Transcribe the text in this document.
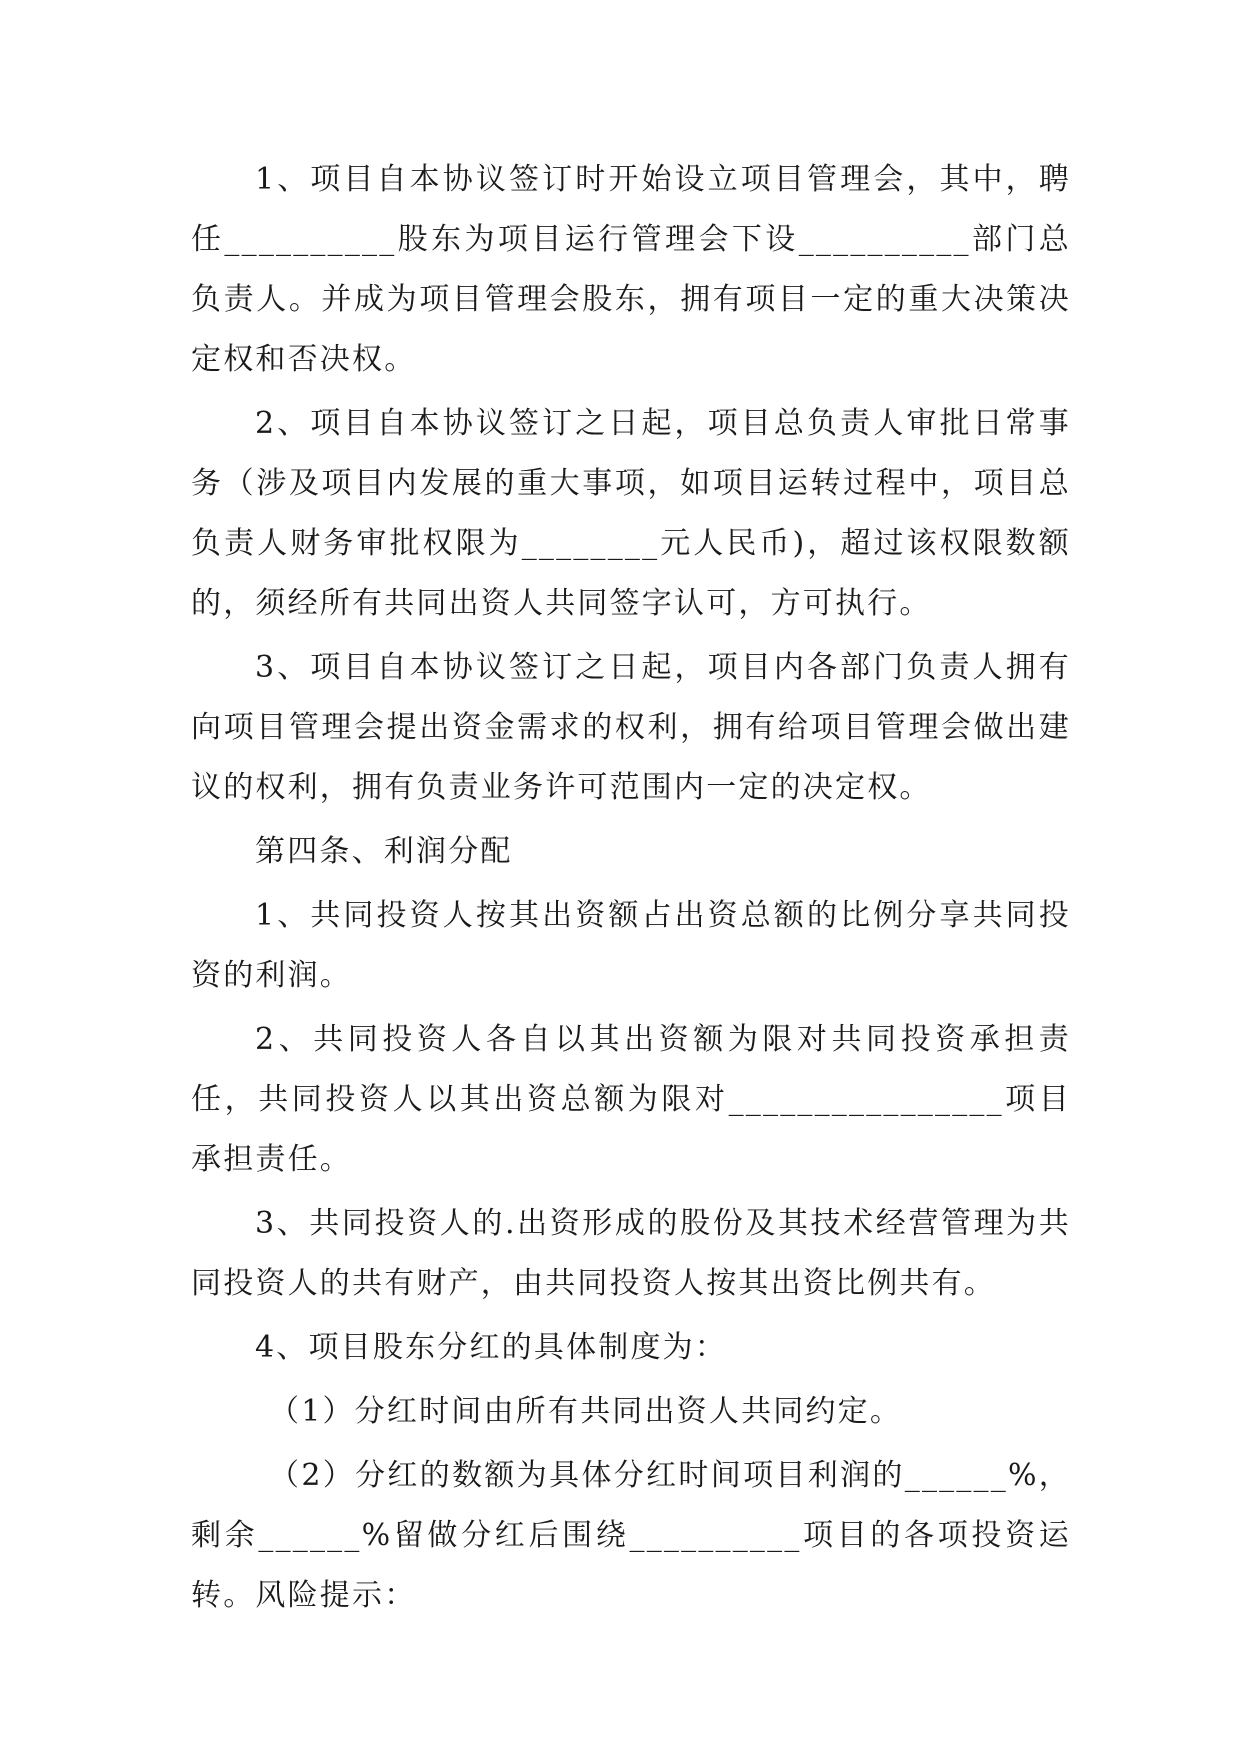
1、项目自本协议签订时开始设立项目管理会，其中，聘任__________股东为项目运行管理会下设__________部门总负责人。并成为项目管理会股东，拥有项目一定的重大决策决定权和否决权。

2、项目自本协议签订之日起，项目总负责人审批日常事务（涉及项目内发展的重大事项，如项目运转过程中，项目总负责人财务审批权限为________元人民币)，超过该权限数额的，须经所有共同出资人共同签字认可，方可执行。

3、项目自本协议签订之日起，项目内各部门负责人拥有向项目管理会提出资金需求的权利，拥有给项目管理会做出建议的权利，拥有负责业务许可范围内一定的决定权。

第四条、利润分配

1、共同投资人按其出资额占出资总额的比例分享共同投资的利润。

2、共同投资人各自以其出资额为限对共同投资承担责任，共同投资人以其出资总额为限对________________项目承担责任。

3、共同投资人的.出资形成的股份及其技术经营管理为共同投资人的共有财产，由共同投资人按其出资比例共有。

4、项目股东分红的具体制度为：

（1）分红时间由所有共同出资人共同约定。

（2）分红的数额为具体分红时间项目利润的______%，剩余______%留做分红后围绕__________项目的各项投资运转。风险提示：
